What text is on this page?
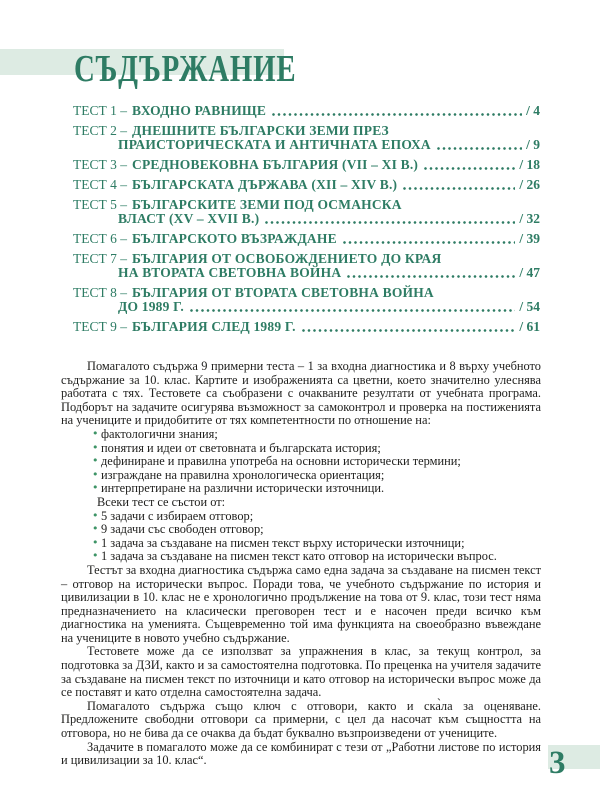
СЪДЪРЖАНИЕ
ТЕСТ 1 – ВХОДНО РАВНИЩЕ	/ 4
ТЕСТ 2 – ДНЕШНИТЕ БЪЛГАРСКИ ЗЕМИ ПРЕЗ
ПРАИСТОРИЧЕСКАТА И АНТИЧНАТА ЕПОХА	/ 9
ТЕСТ 3 – СРЕДНОВЕКОВНА БЪЛГАРИЯ (VII – XI В.)	/ 18
ТЕСТ 4 – БЪЛГАРСКАТА ДЪРЖАВА (XII – XIV В.)	/ 26
ТЕСТ 5 – БЪЛГАРСКИТЕ ЗЕМИ ПОД ОСМАНСКА
ВЛАСТ (XV – XVII В.)	/ 32
ТЕСТ 6 – БЪЛГАРСКОТО ВЪЗРАЖДАНЕ	/ 39
ТЕСТ 7 – БЪЛГАРИЯ ОТ ОСВОБОЖДЕНИЕТО ДО КРАЯ
НА ВТОРАТА СВЕТОВНА ВОЙНА	/ 47
ТЕСТ 8 – БЪЛГАРИЯ ОТ ВТОРАТА СВЕТОВНА ВОЙНА
ДО 1989 Г.	/ 54
ТЕСТ 9 – БЪЛГАРИЯ СЛЕД 1989 Г.	/ 61

Помагалото съдържа 9 примерни теста – 1 за входна диагностика и 8 върху учебното съдържание за 10. клас. Картите и изображенията са цветни, което значително улеснява работата с тях. Тестовете са съобразени с очакваните резултати от учебната програма. Подборът на задачите осигурява възможност за самоконтрол и проверка на постиженията на учениците и придобитите от тях компетентности по отношение на:

• фактологични знания;
• понятия и идеи от световната и българската история;
• дефиниране и правилна употреба на основни исторически термини;
• изграждане на правилна хронологическа ориентация;
• интерпретиране на различни исторически източници.

Всеки тест се състои от:

• 5 задачи с избираем отговор;
• 9 задачи със свободен отговор;
• 1 задача за създаване на писмен текст върху исторически източници;
• 1 задача за създаване на писмен текст като отговор на исторически въпрос.

Тестът за входна диагностика съдържа само една задача за създаване на писмен текст – отговор на исторически въпрос. Поради това, че учебното съдържание по история и цивилизации в 10. клас не е хронологично продължение на това от 9. клас, този тест няма предназначението на класически преговорен тест и е насочен преди всичко към диагностика на уменията. Същевременно той има функцията на своеобразно въвеждане на учениците в новото учебно съдържание.

Тестовете може да се използват за упражнения в клас, за текущ контрол, за подготовка за ДЗИ, както и за самостоятелна подготовка. По преценка на учителя задачите за създаване на писмен текст по източници и като отговор на исторически въпрос може да се поставят и като отделна самостоятелна задача.

Помагалото съдържа също ключ с отговори, както и ска̀ла за оценяване. Предложените свободни отговори са примерни, с цел да насочат към същността на отговора, но не бива да се очаква да бъдат буквално възпроизведени от учениците.

Задачите в помагалото може да се комбинират с тези от „Работни листове по история и цивилизации за 10. клас“.	3
